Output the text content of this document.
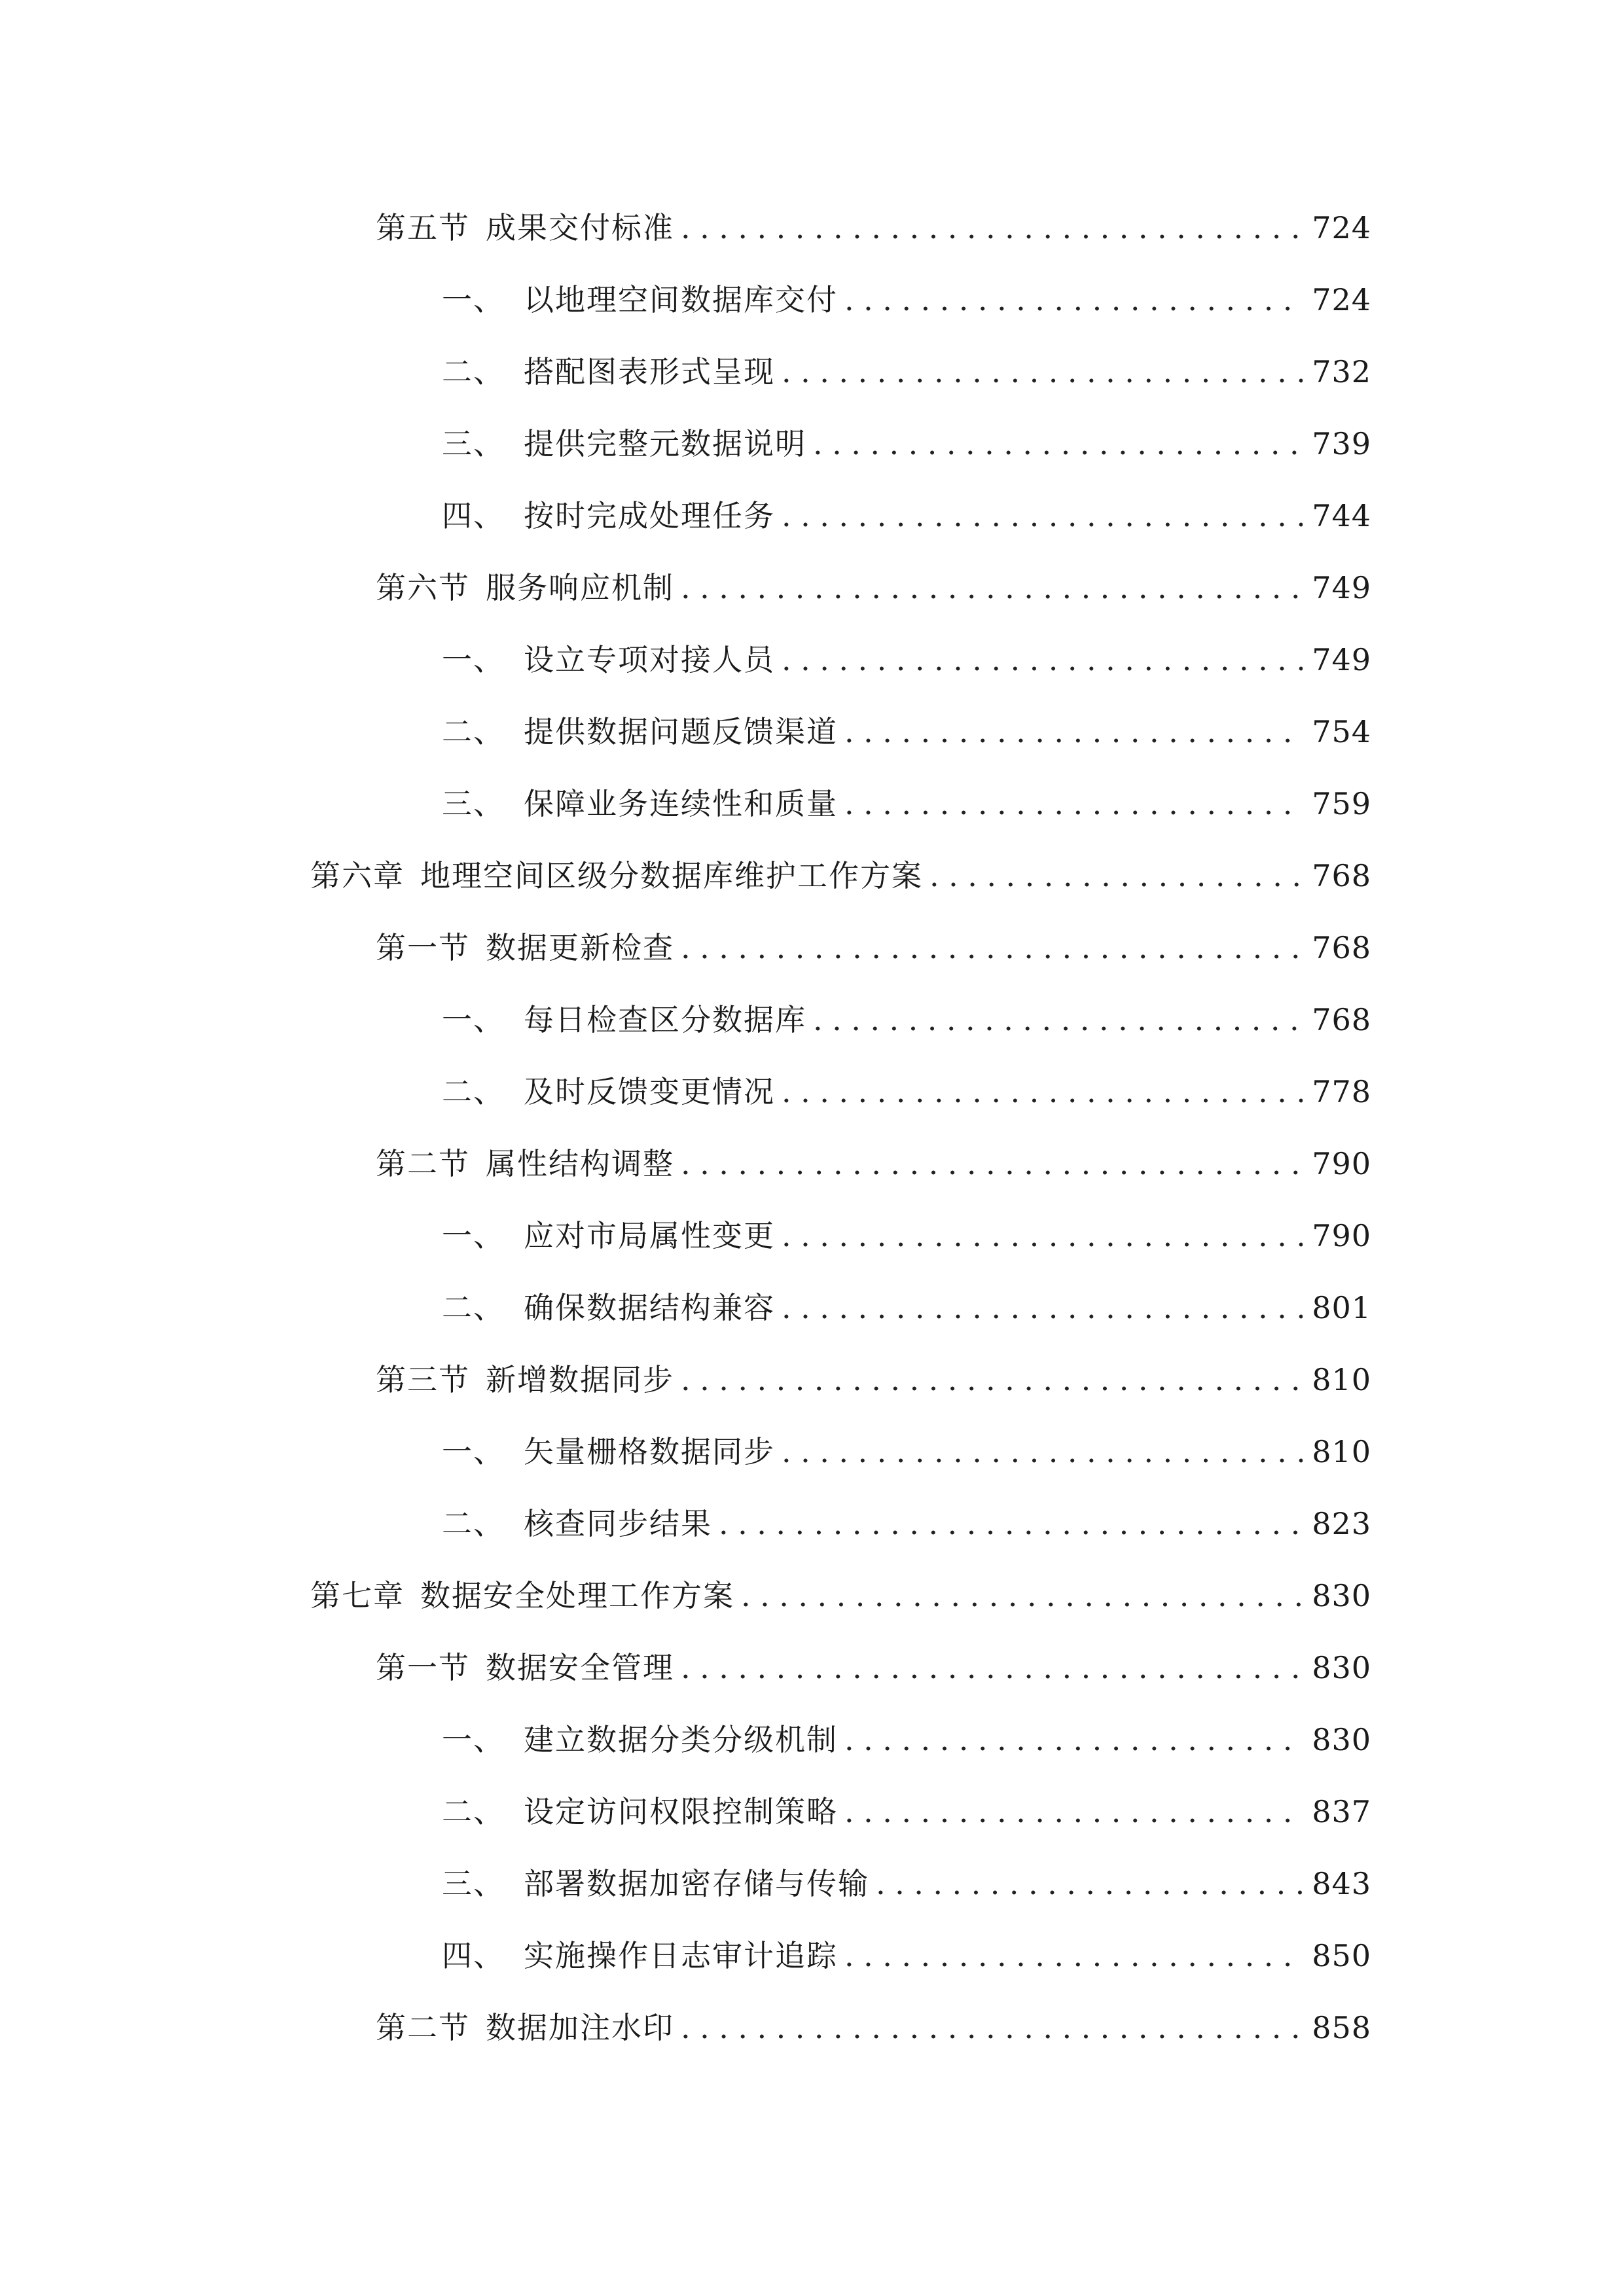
第五节 成果交付标准 .....	724
一、 以地理空间数据库交付 .....	724
二、 搭配图表形式呈现 .....	732
三、 提供完整元数据说明 .....	739
四、 按时完成处理任务 .....	744
第六节 服务响应机制 .....	749
一、 设立专项对接人员 .....	749
二、 提供数据问题反馈渠道 .....	754
三、 保障业务连续性和质量 .....	759
第六章 地理空间区级分数据库维护工作方案 .....	768
第一节 数据更新检查 .....	768
一、 每日检查区分数据库 .....	768
二、 及时反馈变更情况 .....	778
第二节 属性结构调整 .....	790
一、 应对市局属性变更 .....	790
二、 确保数据结构兼容 .....	801
第三节 新增数据同步 .....	810
一、 矢量栅格数据同步 .....	810
二、 核查同步结果 .....	823
第七章 数据安全处理工作方案 .....	830
第一节 数据安全管理 .....	830
一、 建立数据分类分级机制 .....	830
二、 设定访问权限控制策略 .....	837
三、 部署数据加密存储与传输 .....	843
四、 实施操作日志审计追踪 .....	850
第二节 数据加注水印 .....	858
